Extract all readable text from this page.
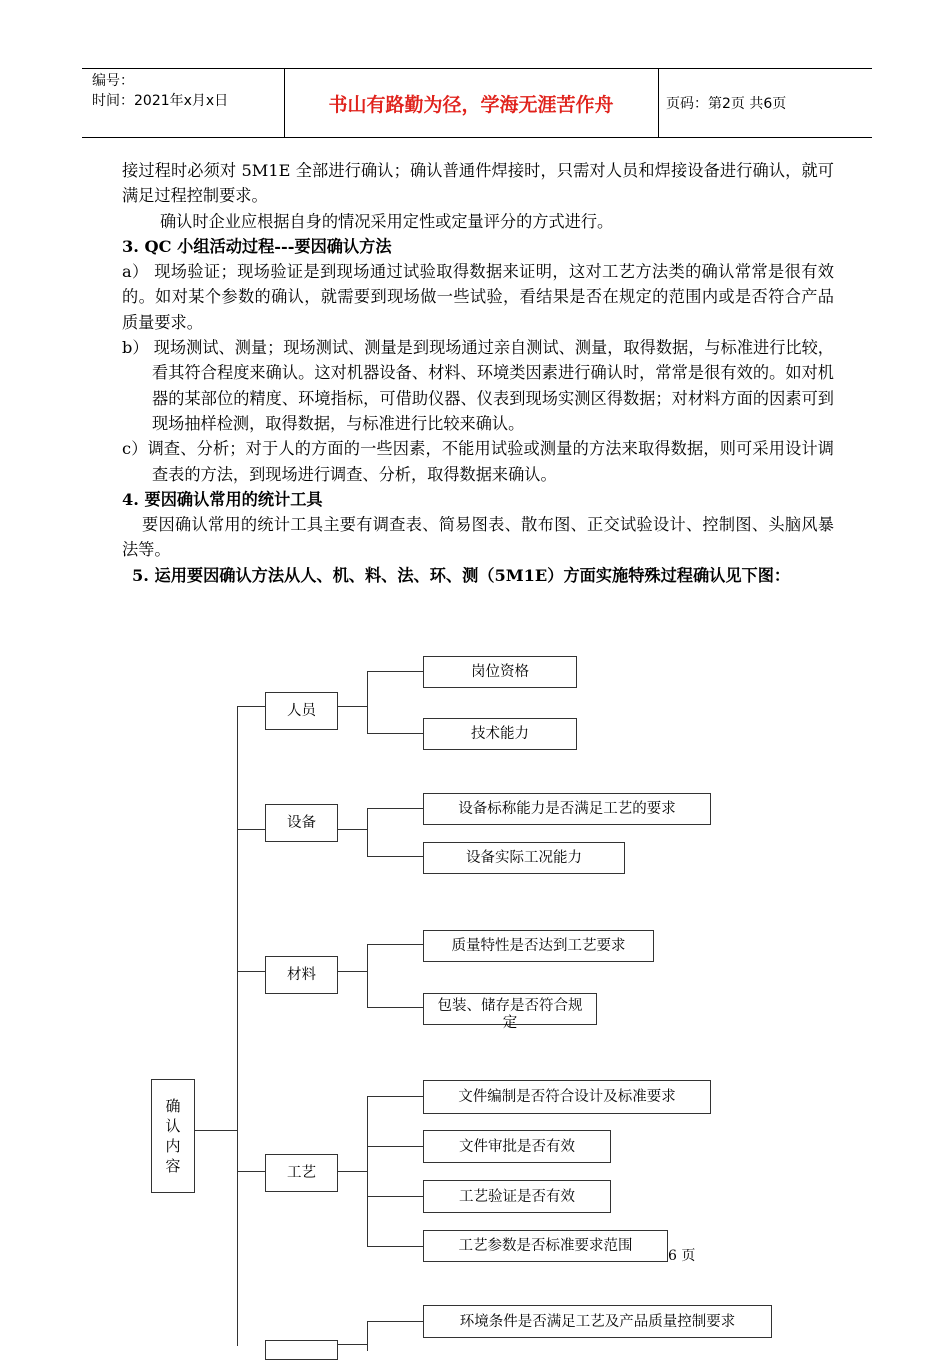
编号：
时间：2021年x月x日	书山有路勤为径，学海无涯苦作舟	页码：第2页 共6页

接过程时必须对 5M1E 全部进行确认；确认普通件焊接时，只需对人员和焊接设备进行确认，就可满足过程控制要求。

确认时企业应根据自身的情况采用定性或定量评分的方式进行。

3. QC 小组活动过程---要因确认方法

a） 现场验证；现场验证是到现场通过试验取得数据来证明，这对工艺方法类的确认常常是很有效的。如对某个参数的确认，就需要到现场做一些试验，看结果是否在规定的范围内或是否符合产品质量要求。

b） 现场测试、测量；现场测试、测量是到现场通过亲自测试、测量，取得数据，与标准进行比较，看其符合程度来确认。这对机器设备、材料、环境类因素进行确认时，常常是很有效的。如对机器的某部位的精度、环境指标，可借助仪器、仪表到现场实测区得数据；对材料方面的因素可到现场抽样检测，取得数据，与标准进行比较来确认。

c）调查、分析；对于人的方面的一些因素，不能用试验或测量的方法来取得数据，则可采用设计调查表的方法，到现场进行调查、分析，取得数据来确认。

4. 要因确认常用的统计工具

要因确认常用的统计工具主要有调查表、简易图表、散布图、正交试验设计、控制图、头脑风暴法等。

5. 运用要因确认方法从人、机、料、法、环、测（5M1E）方面实施特殊过程确认见下图：

确认内容
人员
岗位资格
技术能力
设备
设备标称能力是否满足工艺的要求
设备实际工况能力
材料
质量特性是否达到工艺要求
包装、储存是否符合规定
工艺
文件编制是否符合设计及标准要求
文件审批是否有效
工艺验证是否有效
工艺参数是否标准要求范围
6 页
环境条件是否满足工艺及产品质量控制要求
